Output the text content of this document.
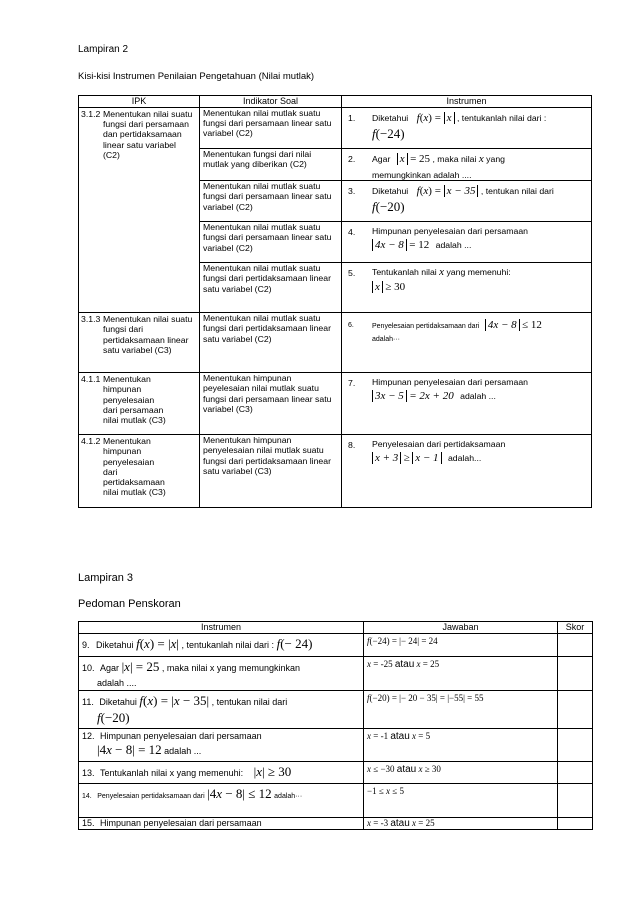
Lampiran 2
Kisi-kisi Instrumen Penilaian Pengetahuan (Nilai mutlak)
IPK	Indikator Soal	Instrumen

3.1.2 Menentukan nilai suatu fungsi dari persamaan dan pertidaksamaan linear satu variabel (C2)	Menentukan nilai mutlak suatu fungsi dari persamaan linear satu variabel (C2)	1. Diketahui f(x) = x , tentukanlah nilai dari :
f(−24)

	Menentukan fungsi dari nilai mutlak yang diberikan (C2)	2. Agar x = 25 , maka nilai x yang
memungkinkan adalah ....

	Menentukan nilai mutlak suatu fungsi dari persamaan linear satu variabel (C2)	3. Diketahui f(x) = x − 35 , tentukan nilai dari
f(−20)

	Menentukan nilai mutlak suatu fungsi dari persamaan linear satu variabel (C2)	4. Himpunan penyelesaian dari persamaan
4x − 8 = 12 adalah ...

	Menentukan nilai mutlak suatu fungsi dari pertidaksamaan linear satu variabel (C2)	5. Tentukanlah nilai x yang memenuhi:
x ≥ 30

3.1.3 Menentukan nilai suatu fungsi dari pertidaksamaan linear satu variabel (C3)	Menentukan nilai mutlak suatu fungsi dari pertidaksamaan linear satu variabel (C2)	6. Penyelesaian pertidaksamaan dari 4x − 8 ≤ 12
adalah···

4.1.1 Menentukan himpunan penyelesaian dari persamaan nilai mutlak (C3)	Menentukan himpunan peyelesaian nilai mutlak suatu fungsi dari persamaan linear satu variabel (C3)	7. Himpunan penyelesaian dari persamaan
3x − 5 = 2x + 20 adalah ...

4.1.2 Menentukan himpunan penyelesaian dari pertidaksamaan nilai mutlak (C3)	Menentukan himpunan penyelesaian nilai mutlak suatu fungsi dari pertidaksamaan linear satu variabel (C3)	8. Penyelesaian dari pertidaksamaan
x + 3 ≥ x − 1 adalah...
Lampiran 3
Pedoman Penskoran
Instrumen	Jawaban	Skor
9. Diketahui f(x) = |x| , tentukanlah nilai dari : f(− 24)	f(−24) = |− 24| = 24	
10. Agar |x| = 25 , maka nilai x yang memungkinkan
adalah ....	x = -25 atau x = 25	
11. Diketahui f(x) = |x − 35| , tentukan nilai dari
f(−20)	f(−20) = |− 20 − 35| = |−55| = 55	
12. Himpunan penyelesaian dari persamaan
|4x − 8| = 12 adalah ...	x = -1 atau x = 5	
13. Tentukanlah nilai x yang memenuhi: |x| ≥ 30	x ≤ −30 atau x ≥ 30	
14. Penyelesaian pertidaksamaan dari |4x − 8| ≤ 12 adalah···	−1 ≤ x ≤ 5	
15. Himpunan penyelesaian dari persamaan	x = -3 atau x = 25	
